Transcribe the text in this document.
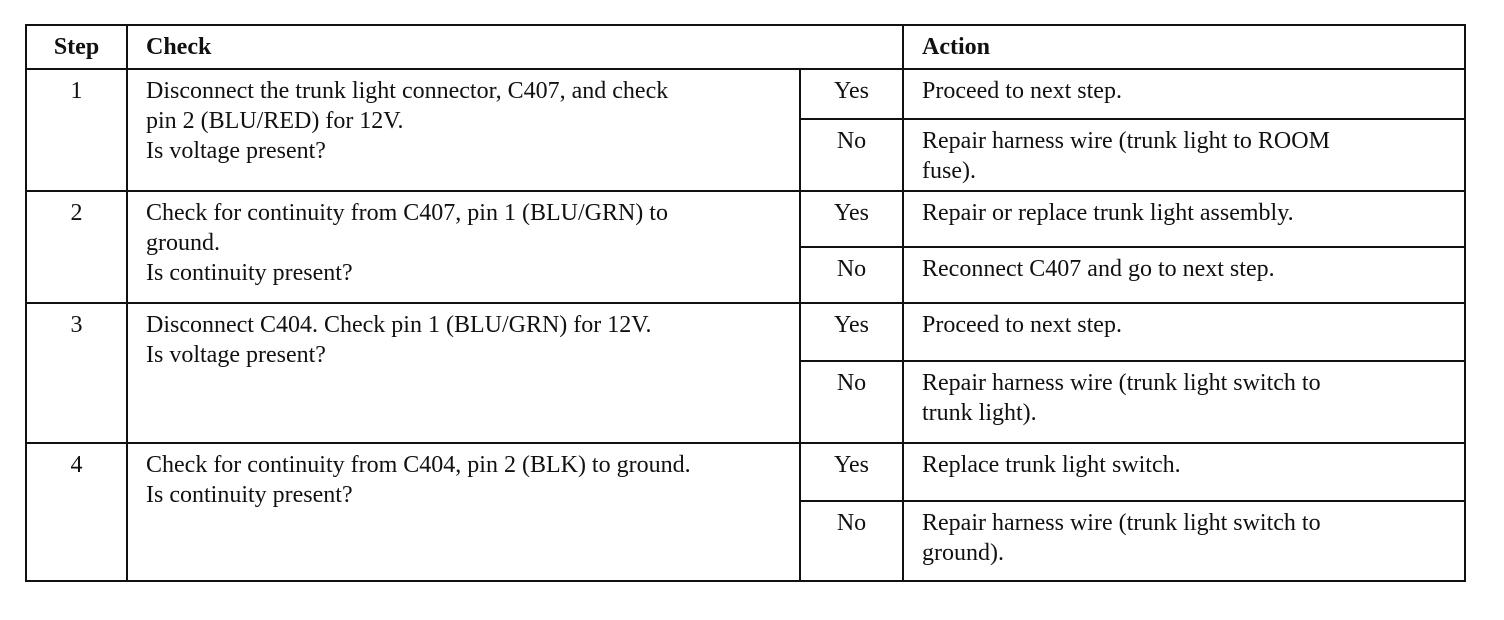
Step	Check		Action
1	Disconnect the trunk light connector, C407, and check
pin 2 (BLU/RED) for 12V.
Is voltage present?	Yes	Proceed to next step.
		No	Repair harness wire (trunk light to ROOM
fuse).

2	Check for continuity from C407, pin 1 (BLU/GRN) to
ground.
Is continuity present?	Yes	Repair or replace trunk light assembly.
		No	Reconnect C407 and go to next step.

3	Disconnect C404. Check pin 1 (BLU/GRN) for 12V.
Is voltage present?	Yes	Proceed to next step.
		No	Repair harness wire (trunk light switch to
trunk light).

4	Check for continuity from C404, pin 2 (BLK) to ground.
Is continuity present?	Yes	Replace trunk light switch.
		No	Repair harness wire (trunk light switch to
ground).
